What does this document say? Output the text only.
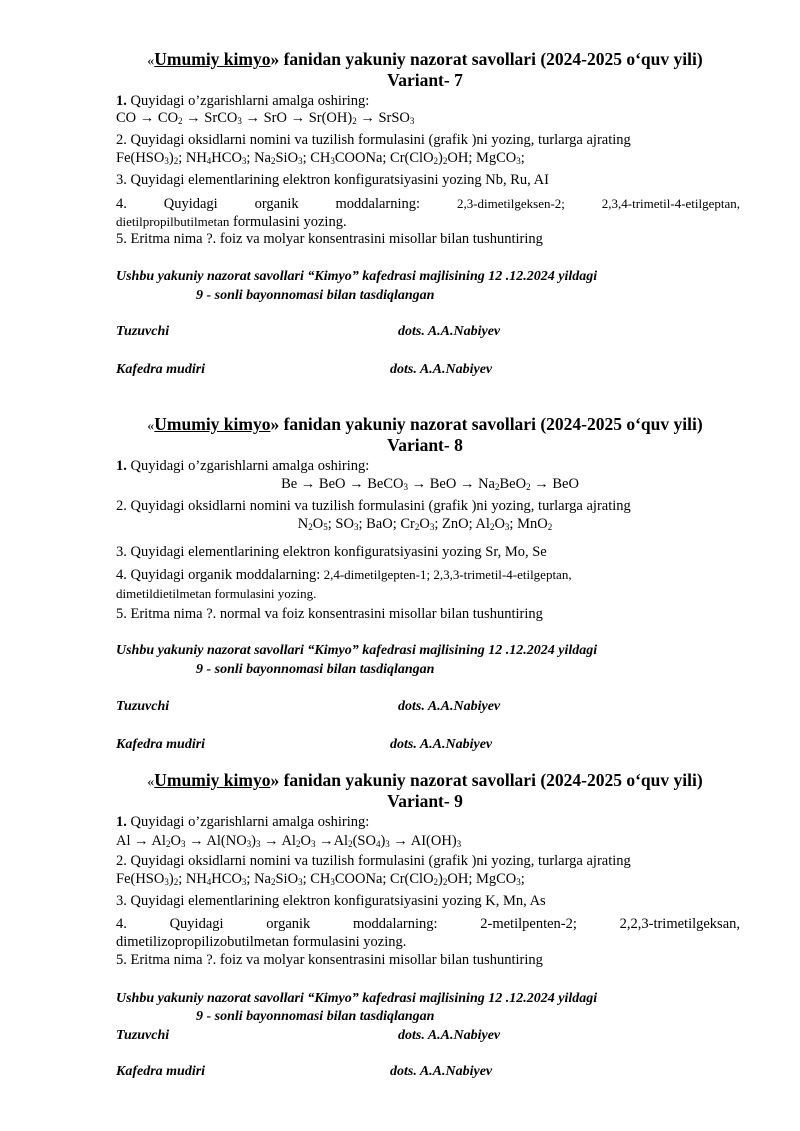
«Umumiy kimyo» fanidan yakuniy nazorat savollari (2024-2025 o‘quv yili)
Variant- 7
1. Quyidagi o’zgarishlarni amalga oshiring:
CO → $CO_2$ → SrCO$_3$ → SrO → $Sr(OH)_2$ → SrSO$_3$
2. Quyidagi oksidlarni nomini va tuzilish formulasini (grafik )ni yozing, turlarga ajrating
$Fe(HSO_3)_2$; $NH_4HCO_3$; $Na_2SiO_3$; $CH_3COONa$; $Cr(ClO_2)_2OH$; MgCO$_3$;
3. Quyidagi elementlarining elektron konfiguratsiyasini yozing Nb, Ru, AI
4.	Quyidagi	organik	moddalarning:	2,3-dimetilgeksen-2;	2,3,4-trimetil-4-etilgeptan,
dietilpropilbutilmetan formulasini yozing.
5. Eritma nima ?. foiz va molyar konsentrasini misollar bilan tushuntiring
Ushbu yakuniy nazorat savollari “Kimyo” kafedrasi majlisining 12 .12.2024 yildagi
9 - sonli bayonnomasi bilan tasdiqlangan
Tuzuvchi	dots. A.A.Nabiyev
Kafedra mudiri	dots. A.A.Nabiyev
«Umumiy kimyo» fanidan yakuniy nazorat savollari (2024-2025 o‘quv yili)
Variant- 8
1. Quyidagi o’zgarishlarni amalga oshiring:
Be → BeO → BeCO$_3$ → BeO → $Na_2BeO_2$ → BeO
2. Quyidagi oksidlarni nomini va tuzilish formulasini (grafik )ni yozing, turlarga ajrating
$N_2O_5$; $SO_3$; BaO; $Cr_2O_3$; ZnO; $Al_2O_3$; MnO$_2$
3. Quyidagi elementlarining elektron konfiguratsiyasini yozing Sr, Mo, Se
4. Quyidagi organik moddalarning: 2,4-dimetilgepten-1; 2,3,3-trimetil-4-etilgeptan,
dimetildietilmetan formulasini yozing.
5. Eritma nima ?. normal va foiz konsentrasini misollar bilan tushuntiring
Ushbu yakuniy nazorat savollari “Kimyo” kafedrasi majlisining 12 .12.2024 yildagi
9 - sonli bayonnomasi bilan tasdiqlangan
Tuzuvchi	dots. A.A.Nabiyev
Kafedra mudiri	dots. A.A.Nabiyev
«Umumiy kimyo» fanidan yakuniy nazorat savollari (2024-2025 o‘quv yili)
Variant- 9
1. Quyidagi o’zgarishlarni amalga oshiring:
$Al \to Al_2O_3 \to Al(NO_3)_3 \to Al_2O_3 \to Al_2(SO_4)_3 \to AI(OH)_3$
2. Quyidagi oksidlarni nomini va tuzilish formulasini (grafik )ni yozing, turlarga ajrating
$Fe(HSO_3)_2$; $NH_4HCO_3$; $Na_2SiO_3$; $CH_3COONa$; $Cr(ClO_2)_2OH$; MgCO$_3$;
3. Quyidagi elementlarining elektron konfiguratsiyasini yozing K, Mn, As
4.	Quyidagi	organik	moddalarning:	2-metilpenten-2;	2,2,3-trimetilgeksan,
dimetilizopropilizobutilmetan formulasini yozing.
5. Eritma nima ?. foiz va molyar konsentrasini misollar bilan tushuntiring
Ushbu yakuniy nazorat savollari “Kimyo” kafedrasi majlisining 12 .12.2024 yildagi
9 - sonli bayonnomasi bilan tasdiqlangan
Tuzuvchi	dots. A.A.Nabiyev
Kafedra mudiri	dots. A.A.Nabiyev
